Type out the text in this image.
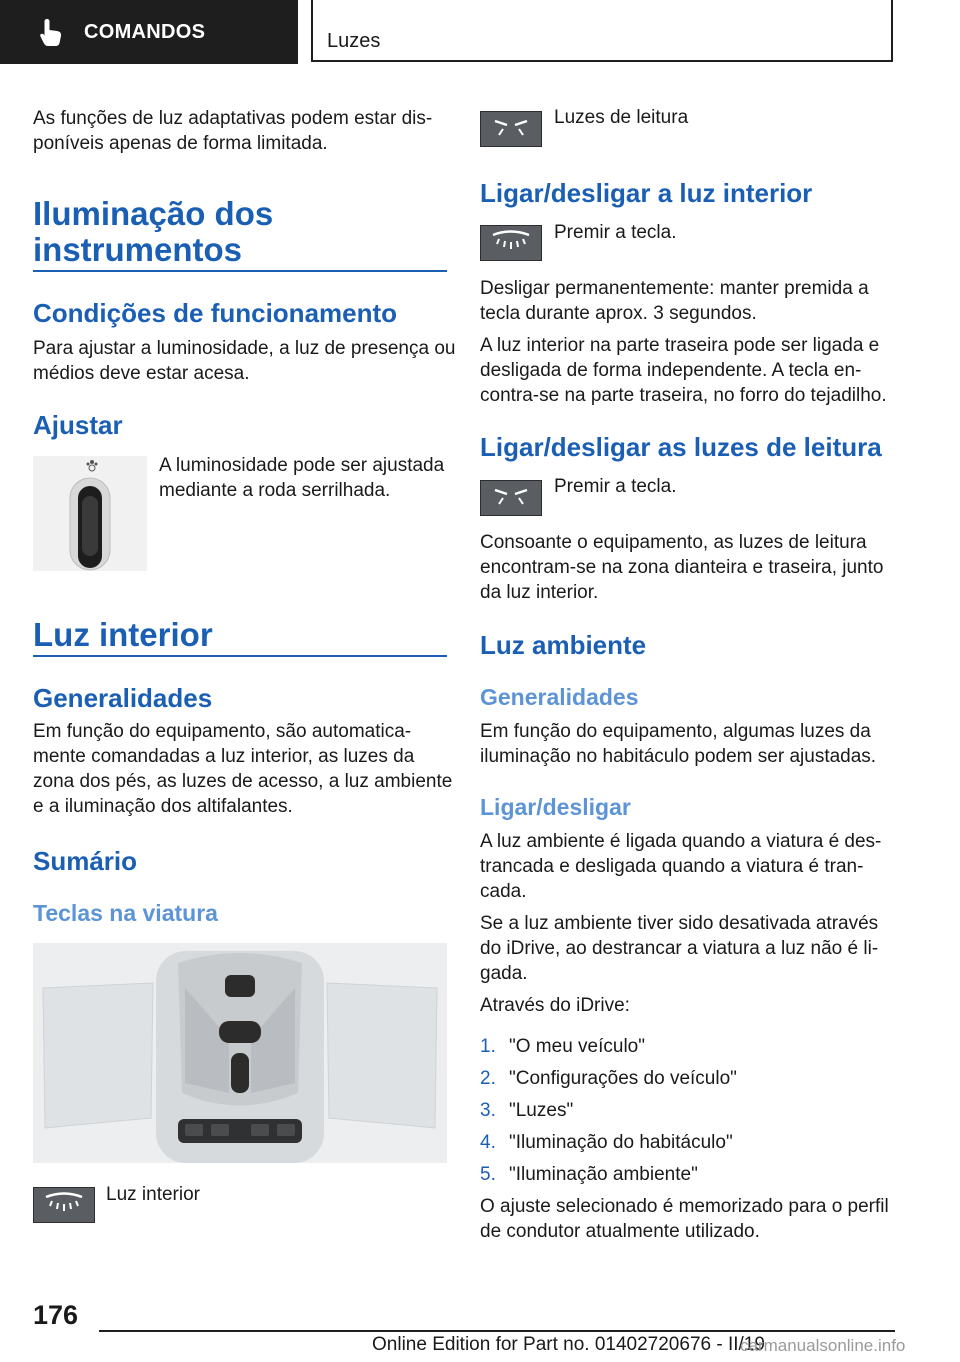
COMANDOS	Luzes

As funções de luz adaptativas podem estar dis-

poníveis apenas de forma limitada.

Iluminação dos
instrumentos
Condições de funcionamento

Para ajustar a luminosidade, a luz de presença ou

médios deve estar acesa.

Ajustar

A luminosidade pode ser ajustada

mediante a roda serrilhada.

Luz interior
Generalidades

Em função do equipamento, são automatica-

mente comandadas a luz interior, as luzes da

zona dos pés, as luzes de acesso, a luz ambiente

e a iluminação dos altifalantes.

Sumário
Teclas na viatura

Luz interior

Luzes de leitura

Ligar/desligar a luz interior

Premir a tecla.

Desligar permanentemente: manter premida a

tecla durante aprox. 3 segundos.

A luz interior na parte traseira pode ser ligada e

desligada de forma independente. A tecla en-

contra-se na parte traseira, no forro do tejadilho.

Ligar/desligar as luzes de leitura

Premir a tecla.

Consoante o equipamento, as luzes de leitura

encontram-se na zona dianteira e traseira, junto

da luz interior.

Luz ambiente
Generalidades

Em função do equipamento, algumas luzes da

iluminação no habitáculo podem ser ajustadas.

Ligar/desligar

A luz ambiente é ligada quando a viatura é des-

trancada e desligada quando a viatura é tran-

cada.

Se a luz ambiente tiver sido desativada através

do iDrive, ao destrancar a viatura a luz não é li-

gada.

Através do iDrive:

1. "O meu veículo"
2. "Configurações do veículo"
3. "Luzes"
4. "Iluminação do habitáculo"
5. "Iluminação ambiente"

O ajuste selecionado é memorizado para o perfil

de condutor atualmente utilizado.

176
Online Edition for Part no. 01402720676 - II/19
carmanualsonline.info
